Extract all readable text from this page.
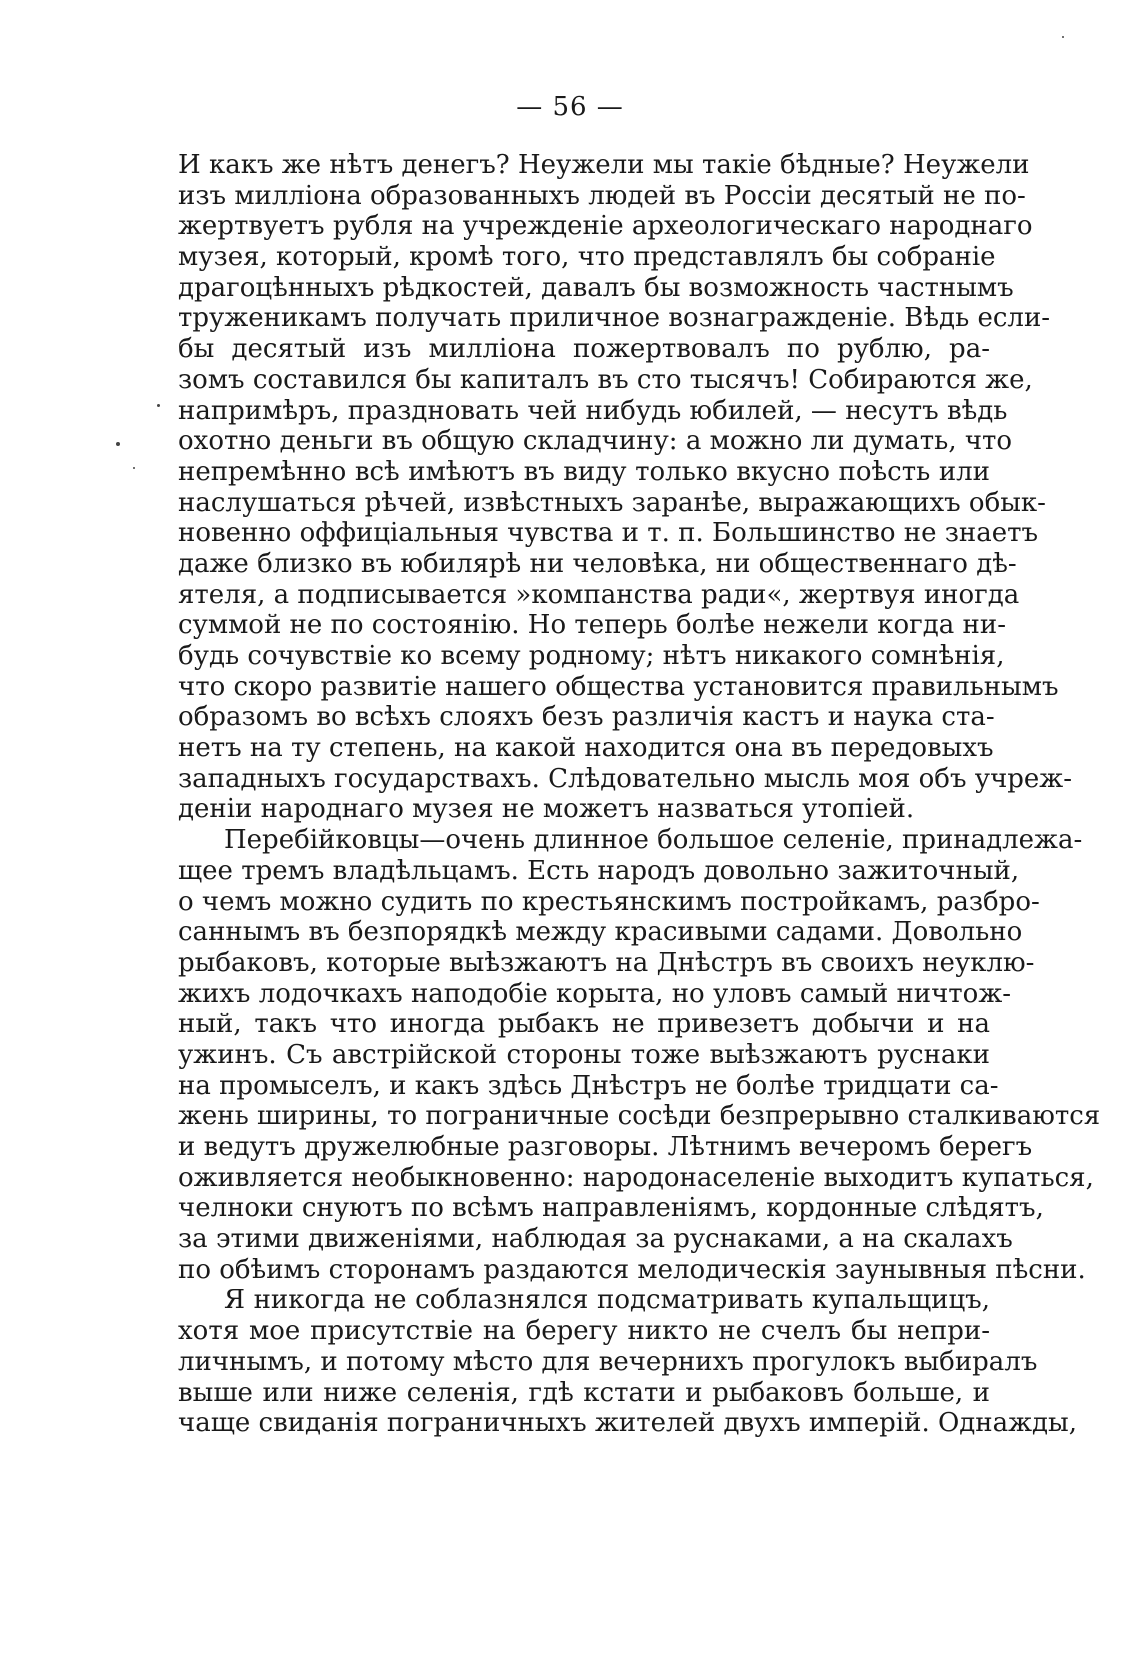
— 56 —
И какъ же нѣтъ денегъ? Неужели мы такіе бѣдные? Неужели
изъ милліона образованныхъ людей въ Россіи десятый не по-
жертвуетъ рубля на учрежденіе археологическаго народнаго
музея, который, кромѣ того, что представлялъ бы собраніе
драгоцѣнныхъ рѣдкостей, давалъ бы возможность частнымъ
труженикамъ получать приличное вознагражденіе. Вѣдь если-
бы десятый изъ милліона пожертвовалъ по рублю, ра-
зомъ составился бы капиталъ въ сто тысячъ! Собираются же,
напримѣръ, праздновать чей нибудь юбилей, — несутъ вѣдь
охотно деньги въ общую складчину: а можно ли думать, что
непремѣнно всѣ имѣютъ въ виду только вкусно поѣсть или
наслушаться рѣчей, извѣстныхъ заранѣе, выражающихъ обык-
новенно оффиціальныя чувства и т. п. Большинство не знаетъ
даже близко въ юбилярѣ ни человѣка, ни общественнаго дѣ-
ятеля, а подписывается »компанства ради«, жертвуя иногда
суммой не по состоянію. Но теперь болѣе нежели когда ни-
будь сочувствіе ко всему родному; нѣтъ никакого сомнѣнія,
что скоро развитіе нашего общества установится правильнымъ
образомъ во всѣхъ слояхъ безъ различія кастъ и наука ста-
нетъ на ту степень, на какой находится она въ передовыхъ
западныхъ государствахъ. Слѣдовательно мысль моя объ учреж-
деніи народнаго музея не можетъ назваться утопіей.
Перебійковцы—очень длинное большое селеніе, принадлежа-
щее тремъ владѣльцамъ. Есть народъ довольно зажиточный,
о чемъ можно судить по крестьянскимъ постройкамъ, разбро-
саннымъ въ безпорядкѣ между красивыми садами. Довольно
рыбаковъ, которые выѣзжаютъ на Днѣстръ въ своихъ неуклю-
жихъ лодочкахъ наподобіе корыта, но уловъ самый ничтож-
ный, такъ что иногда рыбакъ не привезетъ добычи и на
ужинъ. Съ австрійской стороны тоже выѣзжаютъ руснаки
на промыселъ, и какъ здѣсь Днѣстръ не болѣе тридцати са-
жень ширины, то пограничные сосѣди безпрерывно сталкиваются
и ведутъ дружелюбные разговоры. Лѣтнимъ вечеромъ берегъ
оживляется необыкновенно: народонаселеніе выходитъ купаться,
челноки снуютъ по всѣмъ направленіямъ, кордонные слѣдятъ,
за этими движеніями, наблюдая за руснаками, а на скалахъ
по обѣимъ сторонамъ раздаются мелодическія заунывныя пѣсни.
Я никогда не соблазнялся подсматривать купальщицъ,
хотя мое присутствіе на берегу никто не счелъ бы непри-
личнымъ, и потому мѣсто для вечернихъ прогулокъ выбиралъ
выше или ниже селенія, гдѣ кстати и рыбаковъ больше, и
чаще свиданія пограничныхъ жителей двухъ имперій. Однажды,
